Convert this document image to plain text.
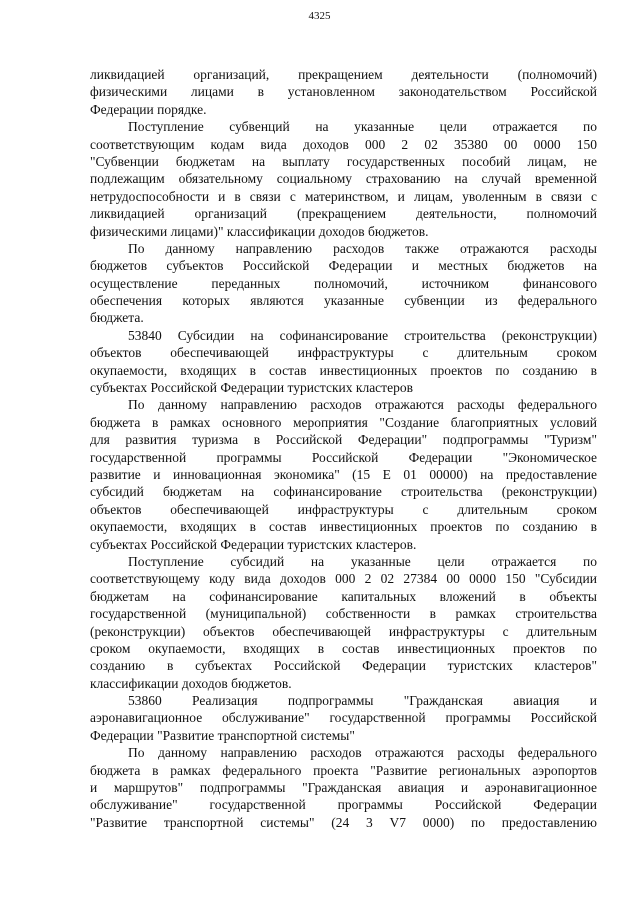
4325
ликвидацией организаций, прекращением деятельности (полномочий)
физическими лицами в установленном законодательством Российской
Федерации порядке.
Поступление субвенций на указанные цели отражается по
соответствующим кодам вида доходов 000 2 02 35380 00 0000 150
"Субвенции бюджетам на выплату государственных пособий лицам, не
подлежащим обязательному социальному страхованию на случай временной
нетрудоспособности и в связи с материнством, и лицам, уволенным в связи с
ликвидацией организаций (прекращением деятельности, полномочий
физическими лицами)" классификации доходов бюджетов.
По данному направлению расходов также отражаются расходы
бюджетов субъектов Российской Федерации и местных бюджетов на
осуществление переданных полномочий, источником финансового
обеспечения которых являются указанные субвенции из федерального
бюджета.
53840 Субсидии на софинансирование строительства (реконструкции)
объектов обеспечивающей инфраструктуры с длительным сроком
окупаемости, входящих в состав инвестиционных проектов по созданию в
субъектах Российской Федерации туристских кластеров
По данному направлению расходов отражаются расходы федерального
бюджета в рамках основного мероприятия "Создание благоприятных условий
для развития туризма в Российской Федерации" подпрограммы "Туризм"
государственной программы Российской Федерации "Экономическое
развитие и инновационная экономика" (15 Е 01 00000) на предоставление
субсидий бюджетам на софинансирование строительства (реконструкции)
объектов обеспечивающей инфраструктуры с длительным сроком
окупаемости, входящих в состав инвестиционных проектов по созданию в
субъектах Российской Федерации туристских кластеров.
Поступление субсидий на указанные цели отражается по
соответствующему коду вида доходов 000 2 02 27384 00 0000 150 "Субсидии
бюджетам на софинансирование капитальных вложений в объекты
государственной (муниципальной) собственности в рамках строительства
(реконструкции) объектов обеспечивающей инфраструктуры с длительным
сроком окупаемости, входящих в состав инвестиционных проектов по
созданию в субъектах Российской Федерации туристских кластеров"
классификации доходов бюджетов.
53860 Реализация подпрограммы "Гражданская авиация и
аэронавигационное обслуживание" государственной программы Российской
Федерации "Развитие транспортной системы"
По данному направлению расходов отражаются расходы федерального
бюджета в рамках федерального проекта "Развитие региональных аэропортов
и маршрутов" подпрограммы "Гражданская авиация и аэронавигационное
обслуживание" государственной программы Российской Федерации
"Развитие транспортной системы" (24 3 V7 0000) по предоставлению
